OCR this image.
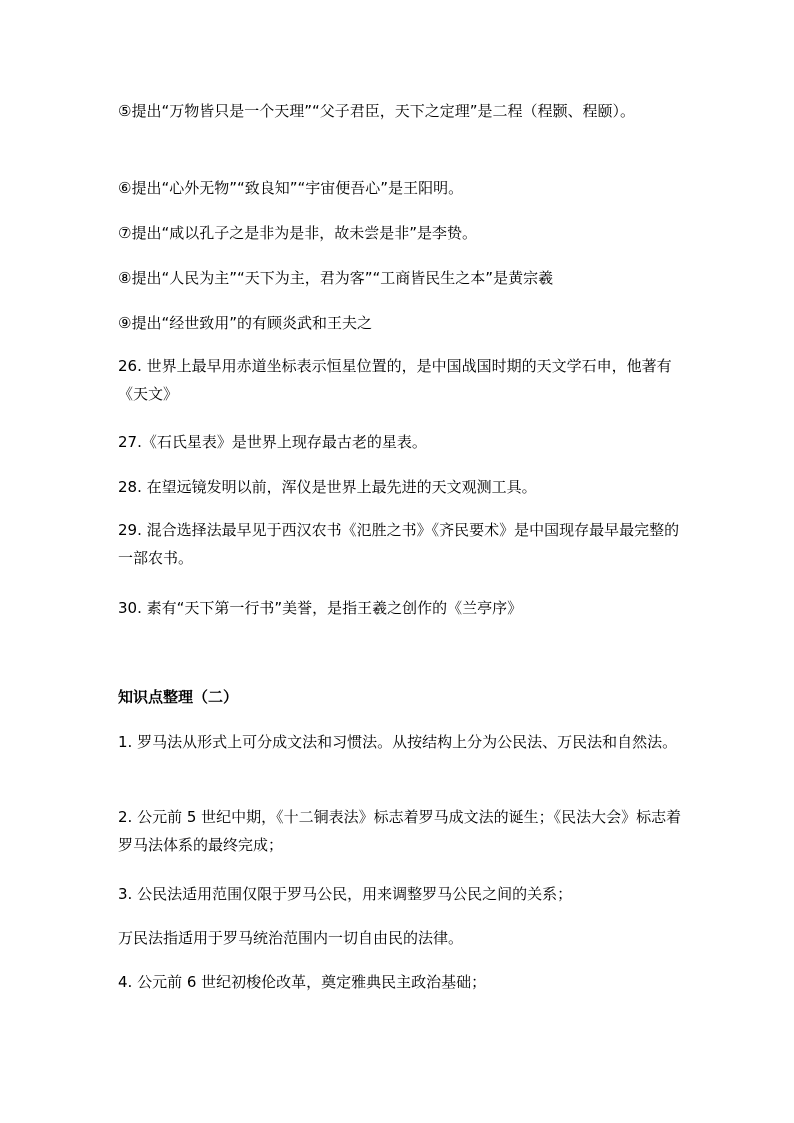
⑤提出“万物皆只是一个天理”“父子君臣，天下之定理”是二程（程颢、程颐）。

⑥提出“心外无物”“致良知”“宇宙便吾心”是王阳明。

⑦提出“咸以孔子之是非为是非，故未尝是非”是李贽。

⑧提出“人民为主”“天下为主，君为客”“工商皆民生之本”是黄宗羲

⑨提出“经世致用”的有顾炎武和王夫之

26. 世界上最早用赤道坐标表示恒星位置的，是中国战国时期的天文学石申，他著有《天文》

27.《石氏星表》是世界上现存最古老的星表。

28. 在望远镜发明以前，浑仪是世界上最先进的天文观测工具。

29. 混合选择法最早见于西汉农书《氾胜之书》《齐民要术》是中国现存最早最完整的一部农书。

30. 素有“天下第一行书”美誉，是指王羲之创作的《兰亭序》

知识点整理（二）

1. 罗马法从形式上可分成文法和习惯法。从按结构上分为公民法、万民法和自然法。

2. 公元前 5 世纪中期，《十二铜表法》标志着罗马成文法的诞生；《民法大会》标志着罗马法体系的最终完成；

3. 公民法适用范围仅限于罗马公民，用来调整罗马公民之间的关系；

万民法指适用于罗马统治范围内一切自由民的法律。

4. 公元前 6 世纪初梭伦改革，奠定雅典民主政治基础；
